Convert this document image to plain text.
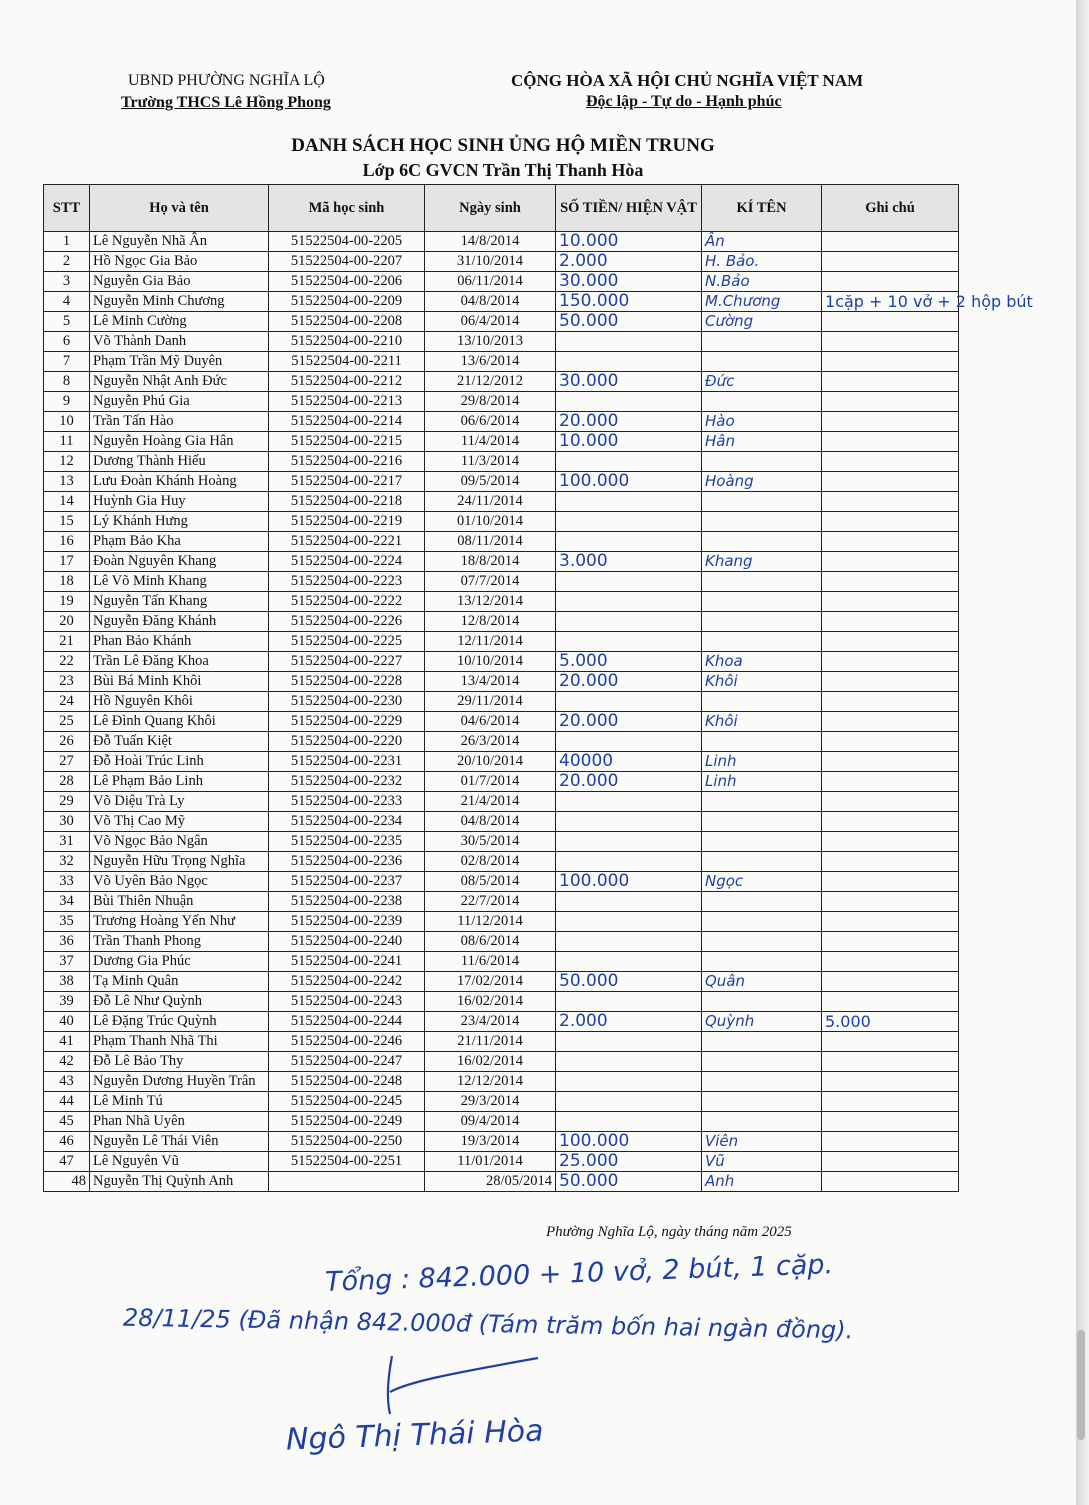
UBND PHƯỜNG NGHĨA LỘ
Trường THCS Lê Hồng Phong
CỘNG HÒA XÃ HỘI CHỦ NGHĨA VIỆT NAM
Độc lập - Tự do - Hạnh phúc
DANH SÁCH HỌC SINH ỦNG HỘ MIỀN TRUNG
Lớp 6C GVCN Trần Thị Thanh Hòa
STT	Họ và tên	Mã học sinh	Ngày sinh	SỐ TIỀN/ HIỆN VẬT	KÍ TÊN	Ghi chú
1	Lê Nguyễn Nhã Ân	51522504-00-2205	14/8/2014	10.000	Ân	
2	Hồ Ngọc Gia Bảo	51522504-00-2207	31/10/2014	2.000	H. Bảo.	
3	Nguyễn Gia Bảo	51522504-00-2206	06/11/2014	30.000	N.Bảo	
4	Nguyễn Minh Chương	51522504-00-2209	04/8/2014	150.000	M.Chương	1cặp + 10 vở + 2 hộp bút
5	Lê Minh Cường	51522504-00-2208	06/4/2014	50.000	Cường	
6	Võ Thành Danh	51522504-00-2210	13/10/2013			
7	Phạm Trần Mỹ Duyên	51522504-00-2211	13/6/2014			
8	Nguyễn Nhật Anh Đức	51522504-00-2212	21/12/2012	30.000	Đức	
9	Nguyễn Phú Gia	51522504-00-2213	29/8/2014			
10	Trần Tấn Hào	51522504-00-2214	06/6/2014	20.000	Hào	
11	Nguyễn Hoàng Gia Hân	51522504-00-2215	11/4/2014	10.000	Hân	
12	Dương Thành Hiếu	51522504-00-2216	11/3/2014			
13	Lưu Đoàn Khánh Hoàng	51522504-00-2217	09/5/2014	100.000	Hoàng	
14	Huỳnh Gia Huy	51522504-00-2218	24/11/2014			
15	Lý Khánh Hưng	51522504-00-2219	01/10/2014			
16	Phạm Bảo Kha	51522504-00-2221	08/11/2014			
17	Đoàn Nguyên Khang	51522504-00-2224	18/8/2014	3.000	Khang	
18	Lê Võ Minh Khang	51522504-00-2223	07/7/2014			
19	Nguyễn Tấn Khang	51522504-00-2222	13/12/2014			
20	Nguyễn Đăng Khánh	51522504-00-2226	12/8/2014			
21	Phan Bảo Khánh	51522504-00-2225	12/11/2014			
22	Trần Lê Đăng Khoa	51522504-00-2227	10/10/2014	5.000	Khoa	
23	Bùi Bá Minh Khôi	51522504-00-2228	13/4/2014	20.000	Khôi	
24	Hồ Nguyên Khôi	51522504-00-2230	29/11/2014			
25	Lê Đình Quang Khôi	51522504-00-2229	04/6/2014	20.000	Khôi	
26	Đỗ Tuấn Kiệt	51522504-00-2220	26/3/2014			
27	Đỗ Hoài Trúc Linh	51522504-00-2231	20/10/2014	40000	Linh	
28	Lê Phạm Bảo Linh	51522504-00-2232	01/7/2014	20.000	Linh	
29	Võ Diệu Trà Ly	51522504-00-2233	21/4/2014			
30	Võ Thị Cao Mỹ	51522504-00-2234	04/8/2014			
31	Võ Ngọc Bảo Ngân	51522504-00-2235	30/5/2014			
32	Nguyễn Hữu Trọng Nghĩa	51522504-00-2236	02/8/2014			
33	Võ Uyên Bảo Ngọc	51522504-00-2237	08/5/2014	100.000	Ngọc	
34	Bùi Thiên Nhuận	51522504-00-2238	22/7/2014			
35	Trương Hoàng Yến Như	51522504-00-2239	11/12/2014			
36	Trần Thanh Phong	51522504-00-2240	08/6/2014			
37	Dương Gia Phúc	51522504-00-2241	11/6/2014			
38	Tạ Minh Quân	51522504-00-2242	17/02/2014	50.000	Quân	
39	Đỗ Lê Như Quỳnh	51522504-00-2243	16/02/2014			
40	Lê Đặng Trúc Quỳnh	51522504-00-2244	23/4/2014	2.000	Quỳnh	5.000
41	Phạm Thanh Nhã Thi	51522504-00-2246	21/11/2014			
42	Đỗ Lê Bảo Thy	51522504-00-2247	16/02/2014			
43	Nguyễn Dương Huyền Trân	51522504-00-2248	12/12/2014			
44	Lê Minh Tú	51522504-00-2245	29/3/2014			
45	Phan Nhã Uyên	51522504-00-2249	09/4/2014			
46	Nguyễn Lê Thái Viên	51522504-00-2250	19/3/2014	100.000	Viên	
47	Lê Nguyên Vũ	51522504-00-2251	11/01/2014	25.000	Vũ	
48	Nguyễn Thị Quỳnh Anh		28/05/2014	50.000	Anh	
Phường Nghĩa Lộ, ngày tháng năm 2025
Tổng : 842.000 + 10 vở, 2 bút, 1 cặp.
28/11/25 (Đã nhận 842.000đ (Tám trăm bốn hai ngàn đồng).
Ngô Thị Thái Hòa
